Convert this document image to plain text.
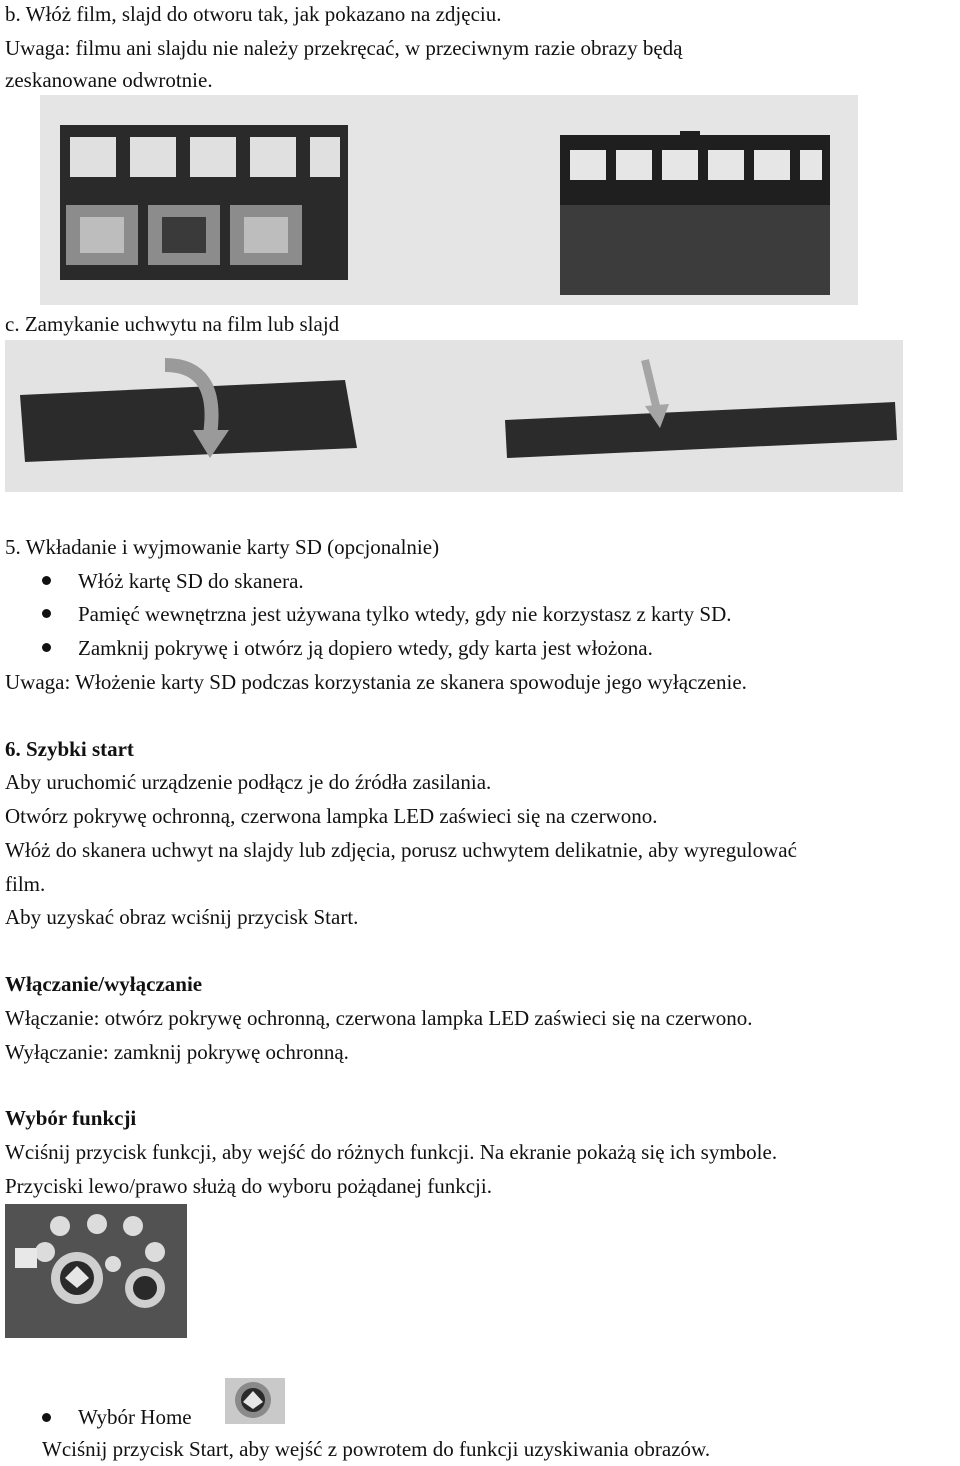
b. Włóż film, slajd do otworu tak, jak pokazano na zdjęciu.
Uwaga: filmu ani slajdu nie należy przekręcać, w przeciwnym razie obrazy będą
zeskanowane odwrotnie.
c. Zamykanie uchwytu na film lub slajd
5. Wkładanie i wyjmowanie karty SD (opcjonalnie)
Włóż kartę SD do skanera.
Pamięć wewnętrzna jest używana tylko wtedy, gdy nie korzystasz z karty SD.
Zamknij pokrywę i otwórz ją dopiero wtedy, gdy karta jest włożona.
Uwaga: Włożenie karty SD podczas korzystania ze skanera spowoduje jego wyłączenie.
6. Szybki start
Aby uruchomić urządzenie podłącz je do źródła zasilania.
Otwórz pokrywę ochronną, czerwona lampka LED zaświeci się na czerwono.
Włóż do skanera uchwyt na slajdy lub zdjęcia, porusz uchwytem delikatnie, aby wyregulować
film.
Aby uzyskać obraz wciśnij przycisk Start.
Włączanie/wyłączanie
Włączanie: otwórz pokrywę ochronną, czerwona lampka LED zaświeci się na czerwono.
Wyłączanie: zamknij pokrywę ochronną.
Wybór funkcji
Wciśnij przycisk funkcji, aby wejść do różnych funkcji. Na ekranie pokażą się ich symbole.
Przyciski lewo/prawo służą do wyboru pożądanej funkcji.
Wybór Home
Wciśnij przycisk Start, aby wejść z powrotem do funkcji uzyskiwania obrazów.
